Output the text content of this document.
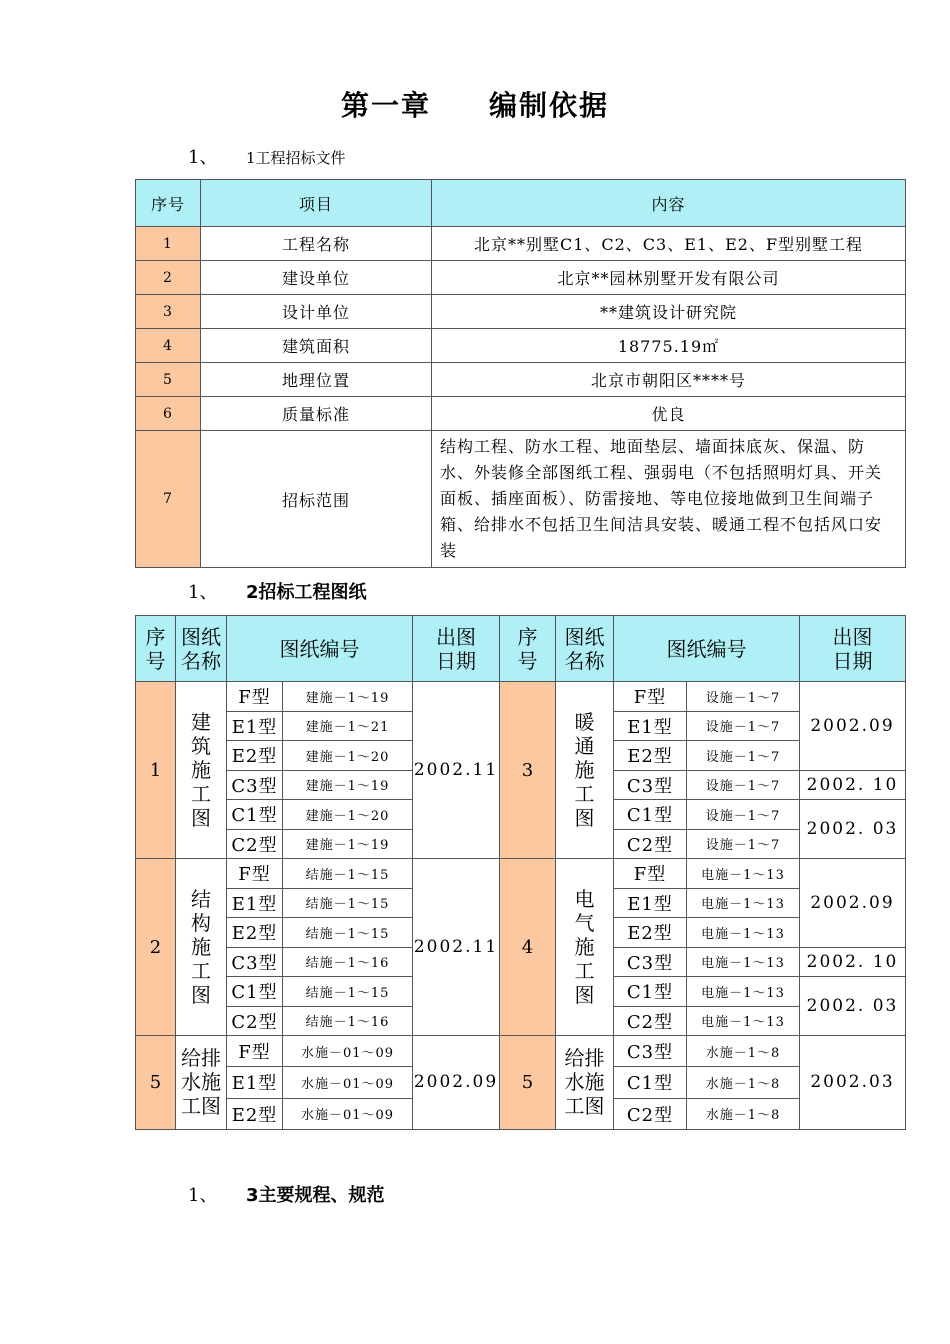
第一章 编制依据
1、 1工程招标文件
序号	项目	内容
1	工程名称	北京**别墅C1、C2、C3、E1、E2、F型别墅工程
2	建设单位	北京**园林别墅开发有限公司
3	设计单位	**建筑设计研究院
4	建筑面积	18775.19㎡
5	地理位置	北京市朝阳区****号
6	质量标准	优良
7	招标范围	结构工程、防水工程、地面垫层、墙面抹底灰、保温、防水、外装修全部图纸工程、强弱电（不包括照明灯具、开关面板、插座面板）、防雷接地、等电位接地做到卫生间端子箱、给排水不包括卫生间洁具安装、暖通工程不包括风口安装
1、 2招标工程图纸
序号	图纸名称	图纸编号		出图日期	序号	图纸名称	图纸编号		出图日期

1	建筑施工图	F型	建施－1～19	2002.11	3	暖通施工图	F型	设施－1～7	2002.09
		E1型	建施－1～21				E1型	设施－1～7	
		E2型	建施－1～20				E2型	设施－1～7	
		C3型	建施－1～19				C3型	设施－1～7	2002. 10
		C1型	建施－1～20				C1型	设施－1～7	2002. 03
		C2型	建施－1～19				C2型	设施－1～7	
2	结构施工图	F型	结施－1～15	2002.11	4	电气施工图	F型	电施－1～13	2002.09
		E1型	结施－1～15				E1型	电施－1～13	
		E2型	结施－1～15				E2型	电施－1～13	
		C3型	结施－1～16				C3型	电施－1～13	2002. 10
		C1型	结施－1～15				C1型	电施－1～13	2002. 03
		C2型	结施－1～16				C2型	电施－1～13	
5	给排水施工图	F型	水施－01～09	2002.09	5	给排水施工图	C3型	水施－1～8	2002.03
		E1型	水施－01～09				C1型	水施－1～8	
		E2型	水施－01～09				C2型	水施－1～8	
1、 3主要规程、规范
